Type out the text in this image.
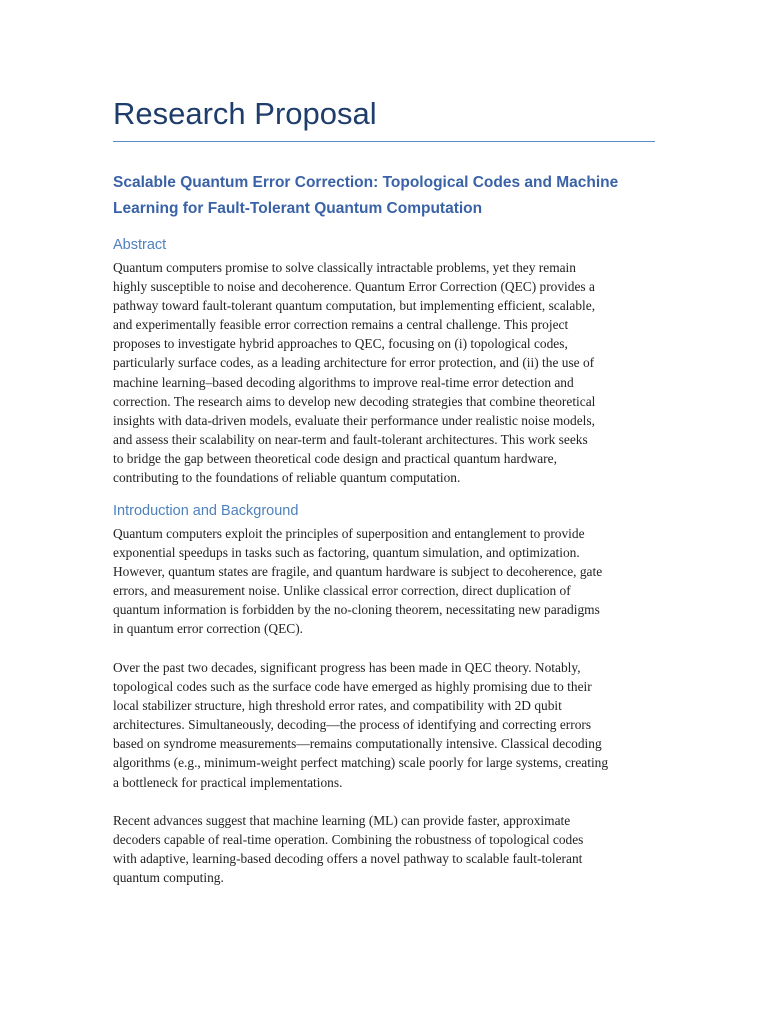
Research Proposal
Scalable Quantum Error Correction: Topological Codes and Machine
Learning for Fault-Tolerant Quantum Computation
Abstract

Quantum computers promise to solve classically intractable problems, yet they remain
highly susceptible to noise and decoherence. Quantum Error Correction (QEC) provides a
pathway toward fault-tolerant quantum computation, but implementing efficient, scalable,
and experimentally feasible error correction remains a central challenge. This project
proposes to investigate hybrid approaches to QEC, focusing on (i) topological codes,
particularly surface codes, as a leading architecture for error protection, and (ii) the use of
machine learning–based decoding algorithms to improve real-time error detection and
correction. The research aims to develop new decoding strategies that combine theoretical
insights with data-driven models, evaluate their performance under realistic noise models,
and assess their scalability on near-term and fault-tolerant architectures. This work seeks
to bridge the gap between theoretical code design and practical quantum hardware,
contributing to the foundations of reliable quantum computation.

Introduction and Background

Quantum computers exploit the principles of superposition and entanglement to provide
exponential speedups in tasks such as factoring, quantum simulation, and optimization.
However, quantum states are fragile, and quantum hardware is subject to decoherence, gate
errors, and measurement noise. Unlike classical error correction, direct duplication of
quantum information is forbidden by the no-cloning theorem, necessitating new paradigms
in quantum error correction (QEC).

Over the past two decades, significant progress has been made in QEC theory. Notably,
topological codes such as the surface code have emerged as highly promising due to their
local stabilizer structure, high threshold error rates, and compatibility with 2D qubit
architectures. Simultaneously, decoding—the process of identifying and correcting errors
based on syndrome measurements—remains computationally intensive. Classical decoding
algorithms (e.g., minimum-weight perfect matching) scale poorly for large systems, creating
a bottleneck for practical implementations.

Recent advances suggest that machine learning (ML) can provide faster, approximate
decoders capable of real-time operation. Combining the robustness of topological codes
with adaptive, learning-based decoding offers a novel pathway to scalable fault-tolerant
quantum computing.
